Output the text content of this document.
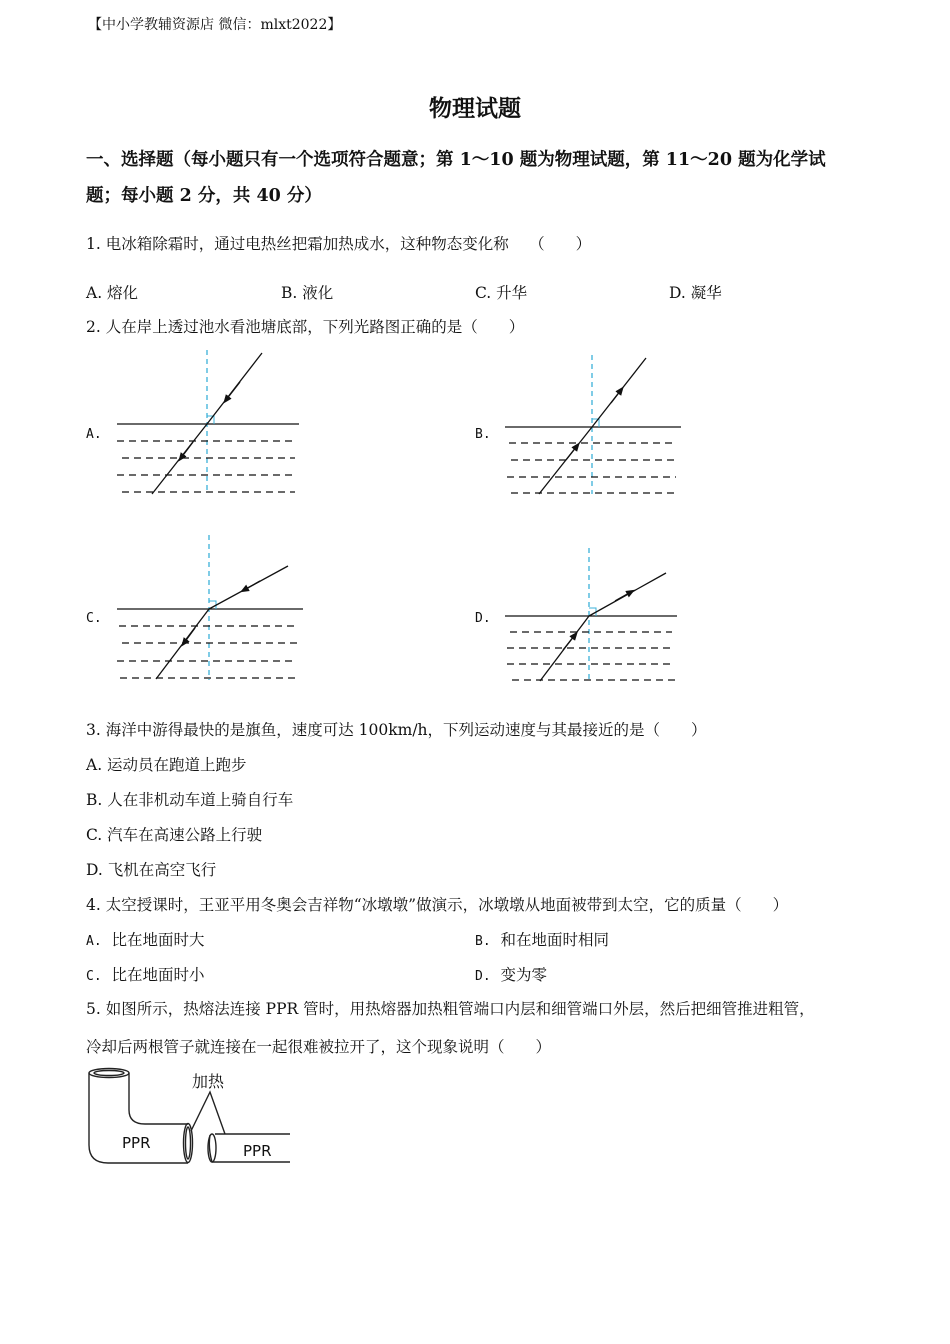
【中小学教辅资源店 微信：mlxt2022】
物理试题
一、选择题（每小题只有一个选项符合题意；第 1～10 题为物理试题，第 11～20 题为化学试
题；每小题 2 分，共 40 分）
1. 电冰箱除霜时，通过电热丝把霜加热成水，这种物态变化称　 （　　）
A. 熔化	B. 液化	C. 升华	D. 凝华
2. 人在岸上透过池水看池塘底部，下列光路图正确的是（　　）
A.	B.
C.	D.
3. 海洋中游得最快的是旗鱼，速度可达 100km/h，下列运动速度与其最接近的是（　　）
A. 运动员在跑道上跑步
B. 人在非机动车道上骑自行车
C. 汽车在高速公路上行驶
D. 飞机在高空飞行
4. 太空授课时，王亚平用冬奥会吉祥物“冰墩墩”做演示，冰墩墩从地面被带到太空，它的质量（　　）
A. 比在地面时大	B. 和在地面时相同
C. 比在地面时小	D. 变为零
5. 如图所示，热熔法连接 PPR 管时，用热熔器加热粗管端口内层和细管端口外层，然后把细管推进粗管，
冷却后两根管子就连接在一起很难被拉开了，这个现象说明（　　）
加热
PPR	PPR
